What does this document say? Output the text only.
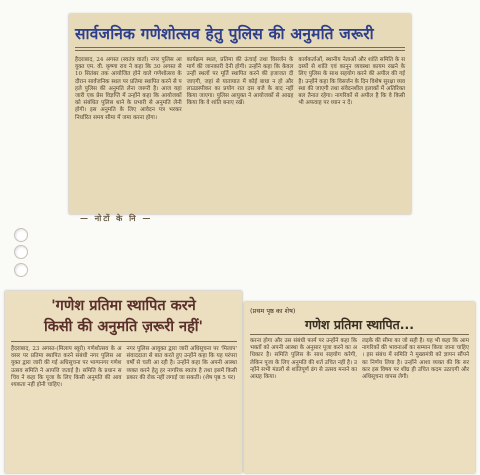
सार्वजनिक गणेशोत्सव हेतु पुलिस की अनुमति जरूरी
हैदराबाद, 24 अगस्त (स्वतंत्र वार्ता) नगर पुलिस आयुक्त एम. वी. कृष्णा राव ने कहा कि 30 अगस्त से 10 सितंबर तक आयोजित होने वाले गणेशोत्सव के दौरान सार्वजनिक स्थल पर प्रतिमा स्थापित करने से पहले पुलिस की अनुमति लेना जरूरी है। आज यहां जारी एक प्रेस विज्ञप्ति में उन्होंने कहा कि आयोजकों को संबंधित पुलिस थाने के प्रभारी से अनुमति लेनी होगी। इस अनुमति के लिए आवेदन पत्र भरकर निर्धारित समय सीमा में जमा करना होगा।
कार्यक्रम स्थल, प्रतिमा की ऊंचाई तथा विसर्जन के मार्ग की जानकारी देनी होगी। उन्होंने कहा कि केवल उन्हीं स्थलों पर मूर्ति स्थापित करने की इजाजत दी जाएगी, जहां से यातायात में कोई बाधा न हो और लाउडस्पीकर का प्रयोग रात दस बजे के बाद नहीं किया जाएगा। पुलिस आयुक्त ने आयोजकों से आग्रह किया कि वे शांति बनाए रखें।
कार्यकर्ताओं, स्थानीय नेताओं और शांति समिति के सदस्यों से शांति एवं कानून व्यवस्था कायम रखने के लिए पुलिस के साथ सहयोग करने की अपील की गई है। उन्होंने कहा कि विसर्जन के दिन विशेष सुरक्षा व्यवस्था की जाएगी तथा संवेदनशील इलाकों में अतिरिक्त बल तैनात रहेगा। नागरिकों से अपील है कि वे किसी भी अफवाह पर ध्यान न दें।
— नोटों के नि —
'गणेश प्रतिमा स्थापित करने
किसी की अनुमति ज़रूरी नहीं'
हैदराबाद, 23 अगस्त-(मिलाप ब्यूरो) गणेशोत्सव के अवसर पर प्रतिमा स्थापित करने संबंधी नगर पुलिस आयुक्त द्वारा जारी की गई अधिसूचना पर भाग्यनगर गणेश उत्सव समिति ने आपत्ति जताई है। समिति के प्रधान सचिव ने कहा कि पूजा के लिए किसी अनुमति की आवश्यकता नहीं होनी चाहिए।
नगर पुलिस आयुक्त द्वारा जारी अधिसूचना पर 'मिलाप' संवाददाता से बात करते हुए उन्होंने कहा कि यह परंपरा वर्षों से चली आ रही है। उन्होंने कहा कि अपनी आस्था व्यक्त करने हेतु हर नागरिक स्वतंत्र है तथा इसमें किसी प्रकार की रोक नहीं लगाई जा सकती। (शेष पृष्ठ 5 पर)
(प्रथम पृष्ठ का शेष)
गणेश प्रतिमा स्थापित...
करना होगा और उस संबंधी फार्म पर उन्होंने कहा कि भक्तों को अपनी आस्था के अनुसार पूजा करने का अधिकार है। समिति पुलिस के साथ सहयोग करेगी, लेकिन पूजा के लिए अनुमति की शर्त उचित नहीं है। उन्होंने सभी मंडलों से शांतिपूर्ण ढंग से उत्सव मनाने का आग्रह किया।
लड़के की सीमा का जो सही है। यह भी कहा कि आम नागरिकों की भावनाओं का सम्मान किया जाना चाहिए। इस संबंध में समिति ने मुख्यमंत्री को ज्ञापन सौंपने का निर्णय लिया है। उन्होंने आशा व्यक्त की कि सरकार इस विषय पर शीघ्र ही उचित कदम उठाएगी और अधिसूचना वापस लेगी।
